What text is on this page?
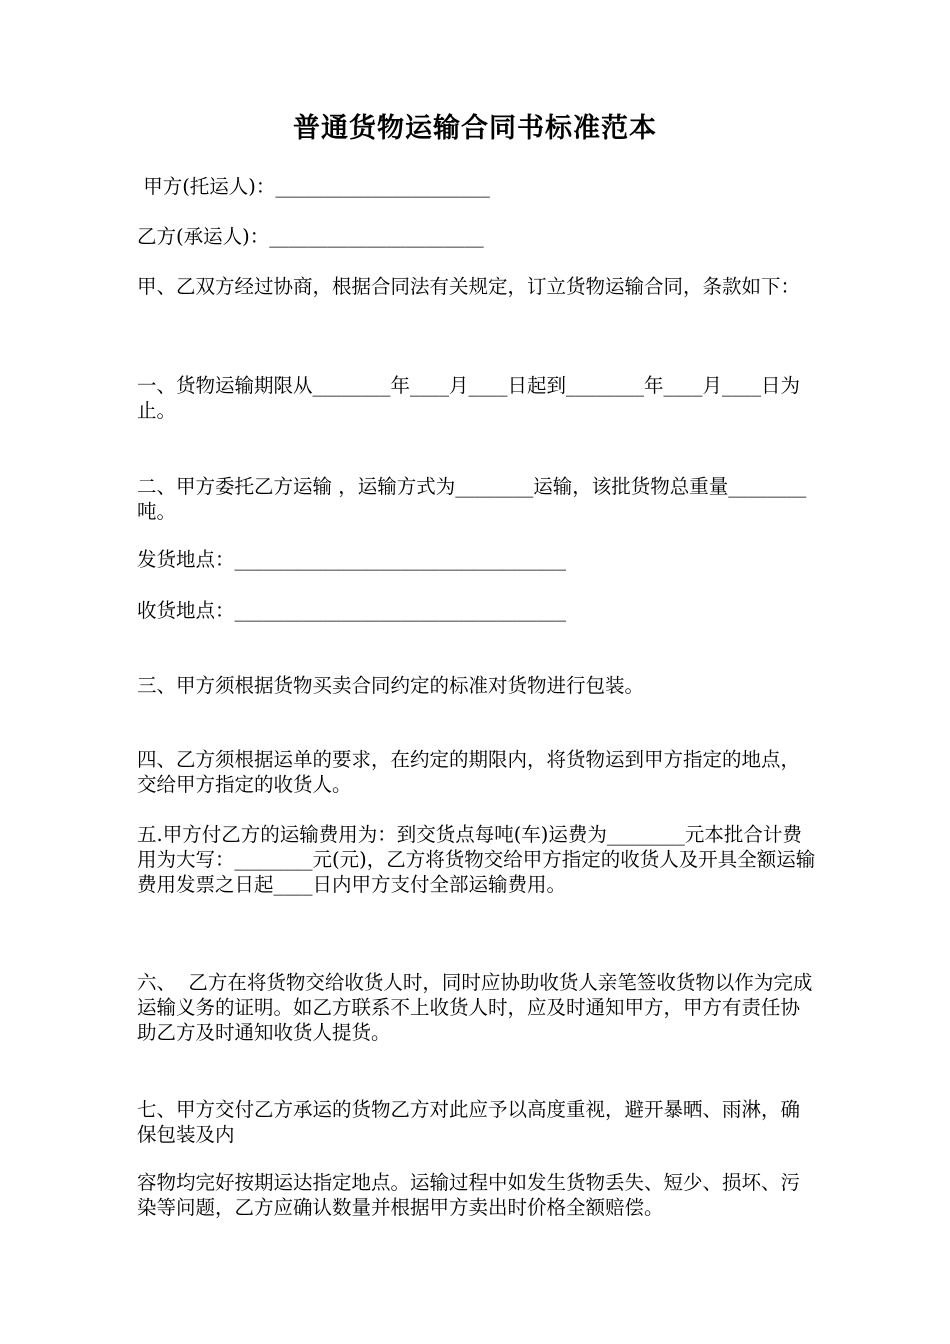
普通货物运输合同书标准范本

甲方(托运人)：______________________

乙方(承运人)：______________________

甲、乙双方经过协商，根据合同法有关规定，订立货物运输合同，条款如下：

一、货物运输期限从________年____月____日起到________年____月____日为止。

二、甲方委托乙方运输 ，运输方式为________运输，该批货物总重量________吨。

发货地点：__________________________________

收货地点：__________________________________

三、甲方须根据货物买卖合同约定的标准对货物进行包装。

四、乙方须根据运单的要求，在约定的期限内，将货物运到甲方指定的地点，交给甲方指定的收货人。

五.甲方付乙方的运输费用为：到交货点每吨(车)运费为________元本批合计费用为大写：________元(元)，乙方将货物交给甲方指定的收货人及开具全额运输费用发票之日起____日内甲方支付全部运输费用。

六、  乙方在将货物交给收货人时，同时应协助收货人亲笔签收货物以作为完成运输义务的证明。如乙方联系不上收货人时，应及时通知甲方，甲方有责任协助乙方及时通知收货人提货。

七、甲方交付乙方承运的货物乙方对此应予以高度重视，避开暴晒、雨淋，确保包装及内

容物均完好按期运达指定地点。运输过程中如发生货物丢失、短少、损坏、污染等问题，乙方应确认数量并根据甲方卖出时价格全额赔偿。
